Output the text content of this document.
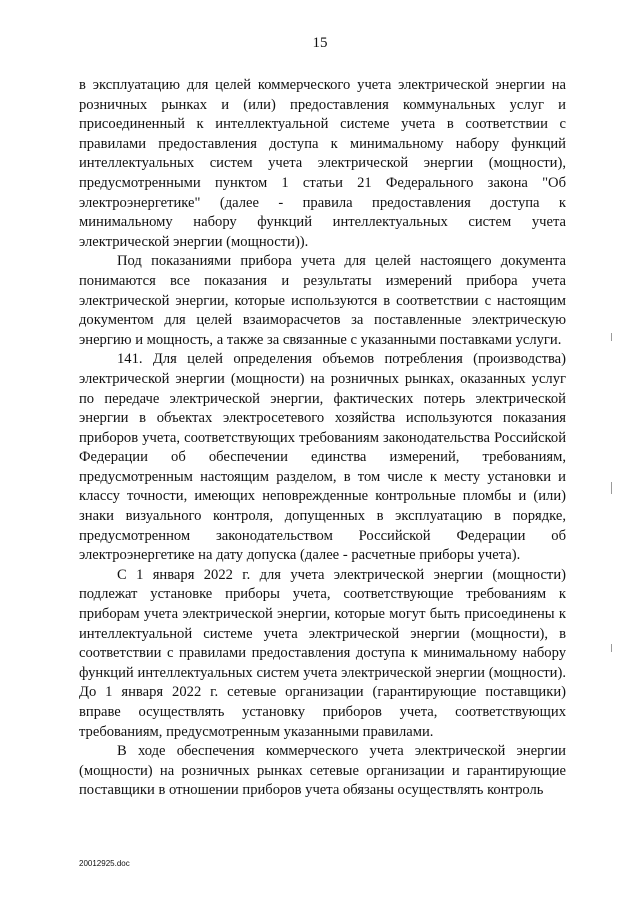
15

в эксплуатацию для целей коммерческого учета электрической энергии на розничных рынках и (или) предоставления коммунальных услуг и присоединенный к интеллектуальной системе учета в соответствии с правилами предоставления доступа к минимальному набору функций интеллектуальных систем учета электрической энергии (мощности), предусмотренными пунктом 1 статьи 21 Федерального закона "Об электроэнергетике" (далее - правила предоставления доступа к минимальному набору функций интеллектуальных систем учета электрической энергии (мощности)).

Под показаниями прибора учета для целей настоящего документа понимаются все показания и результаты измерений прибора учета электрической энергии, которые используются в соответствии с настоящим документом для целей взаиморасчетов за поставленные электрическую энергию и мощность, а также за связанные с указанными поставками услуги.

141. Для целей определения объемов потребления (производства) электрической энергии (мощности) на розничных рынках, оказанных услуг по передаче электрической энергии, фактических потерь электрической энергии в объектах электросетевого хозяйства используются показания приборов учета, соответствующих требованиям законодательства Российской Федерации об обеспечении единства измерений, требованиям, предусмотренным настоящим разделом, в том числе к месту установки и классу точности, имеющих неповрежденные контрольные пломбы и (или) знаки визуального контроля, допущенных в эксплуатацию в порядке, предусмотренном законодательством Российской Федерации об электроэнергетике на дату допуска (далее - расчетные приборы учета).

С 1 января 2022 г. для учета электрической энергии (мощности) подлежат установке приборы учета, соответствующие требованиям к приборам учета электрической энергии, которые могут быть присоединены к интеллектуальной системе учета электрической энергии (мощности), в соответствии с правилами предоставления доступа к минимальному набору функций интеллектуальных систем учета электрической энергии (мощности). До 1 января 2022 г. сетевые организации (гарантирующие поставщики) вправе осуществлять установку приборов учета, соответствующих требованиям, предусмотренным указанными правилами.

В ходе обеспечения коммерческого учета электрической энергии (мощности) на розничных рынках сетевые организации и гарантирующие поставщики в отношении приборов учета обязаны осуществлять контроль

20012925.doc
